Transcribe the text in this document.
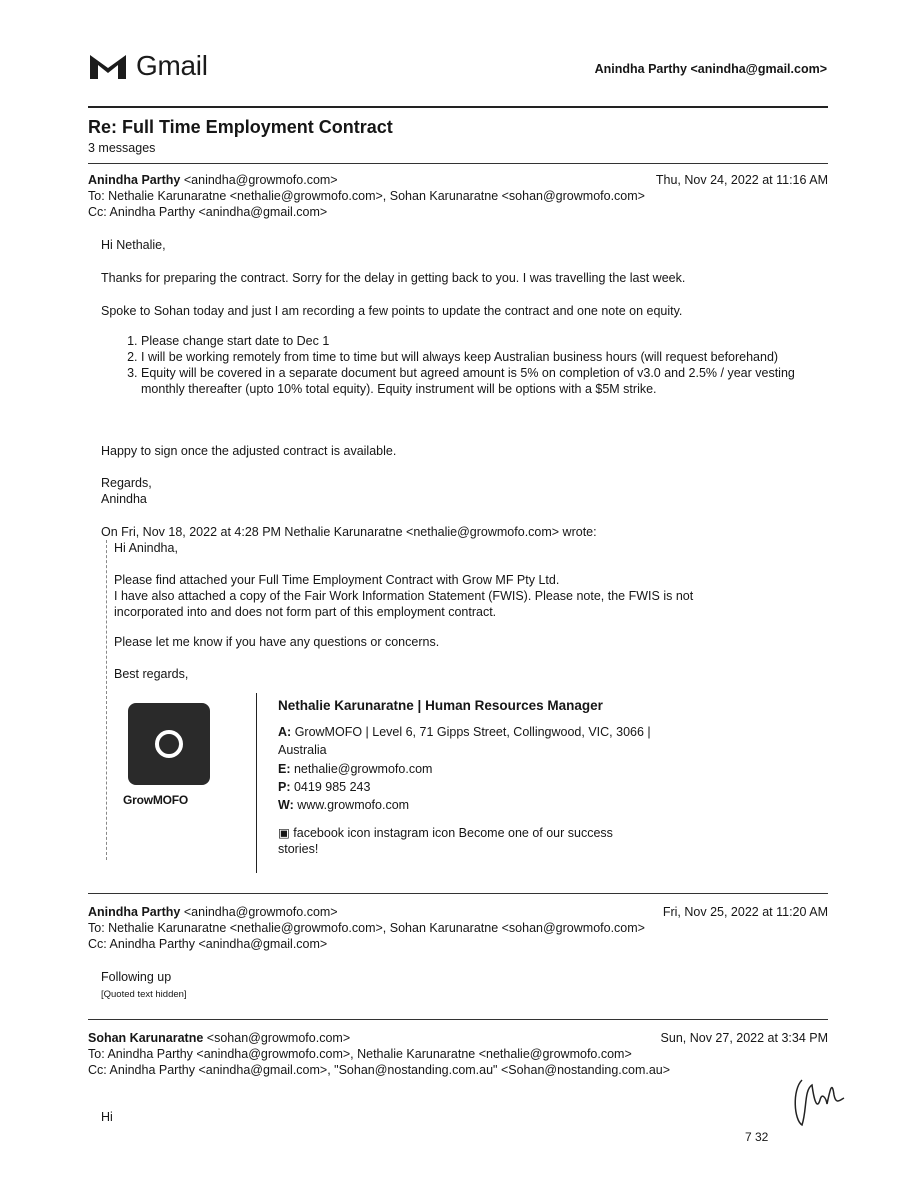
Gmail	Anindha Parthy <anindha@gmail.com>
Re: Full Time Employment Contract
3 messages
Anindha Parthy <anindha@growmofo.com>	Thu, Nov 24, 2022 at 11:16 AM
To: Nethalie Karunaratne <nethalie@growmofo.com>, Sohan Karunaratne <sohan@growmofo.com>
Cc: Anindha Parthy <anindha@gmail.com>

Hi Nethalie,

Thanks for preparing the contract. Sorry for the delay in getting back to you. I was travelling the last week.
Spoke to Sohan today and just I am recording a few points to update the contract and one note on equity.
1. Please change start date to Dec 1
2. I will be working remotely from time to time but will always keep Australian business hours (will request beforehand)
3. Equity will be covered in a separate document but agreed amount is 5% on completion of v3.0 and 2.5% / year vesting monthly thereafter (upto 10% total equity). Equity instrument will be options with a $5M strike.
Happy to sign once the adjusted contract is available.
Regards,
Anindha
On Fri, Nov 18, 2022 at 4:28 PM Nethalie Karunaratne <nethalie@growmofo.com> wrote:
Hi Anindha,
Please find attached your Full Time Employment Contract with Grow MF Pty Ltd.
I have also attached a copy of the Fair Work Information Statement (FWIS). Please note, the FWIS is not incorporated into and does not form part of this employment contract.
Please let me know if you have any questions or concerns.
Best regards,
GrowMOFO
Nethalie Karunaratne | Human Resources Manager
A: GrowMOFO | Level 6, 71 Gipps Street, Collingwood, VIC, 3066 | Australia
E: nethalie@growmofo.com
P: 0419 985 243
W: www.growmofo.com
▣ facebook icon instagram icon Become one of our success stories!
Anindha Parthy <anindha@growmofo.com>	Fri, Nov 25, 2022 at 11:20 AM
To: Nethalie Karunaratne <nethalie@growmofo.com>, Sohan Karunaratne <sohan@growmofo.com>
Cc: Anindha Parthy <anindha@gmail.com>
Following up
[Quoted text hidden]
Sohan Karunaratne <sohan@growmofo.com>	Sun, Nov 27, 2022 at 3:34 PM
To: Anindha Parthy <anindha@growmofo.com>, Nethalie Karunaratne <nethalie@growmofo.com>
Cc: Anindha Parthy <anindha@gmail.com>, "Sohan@nostanding.com.au" <Sohan@nostanding.com.au>
Hi
7 32
